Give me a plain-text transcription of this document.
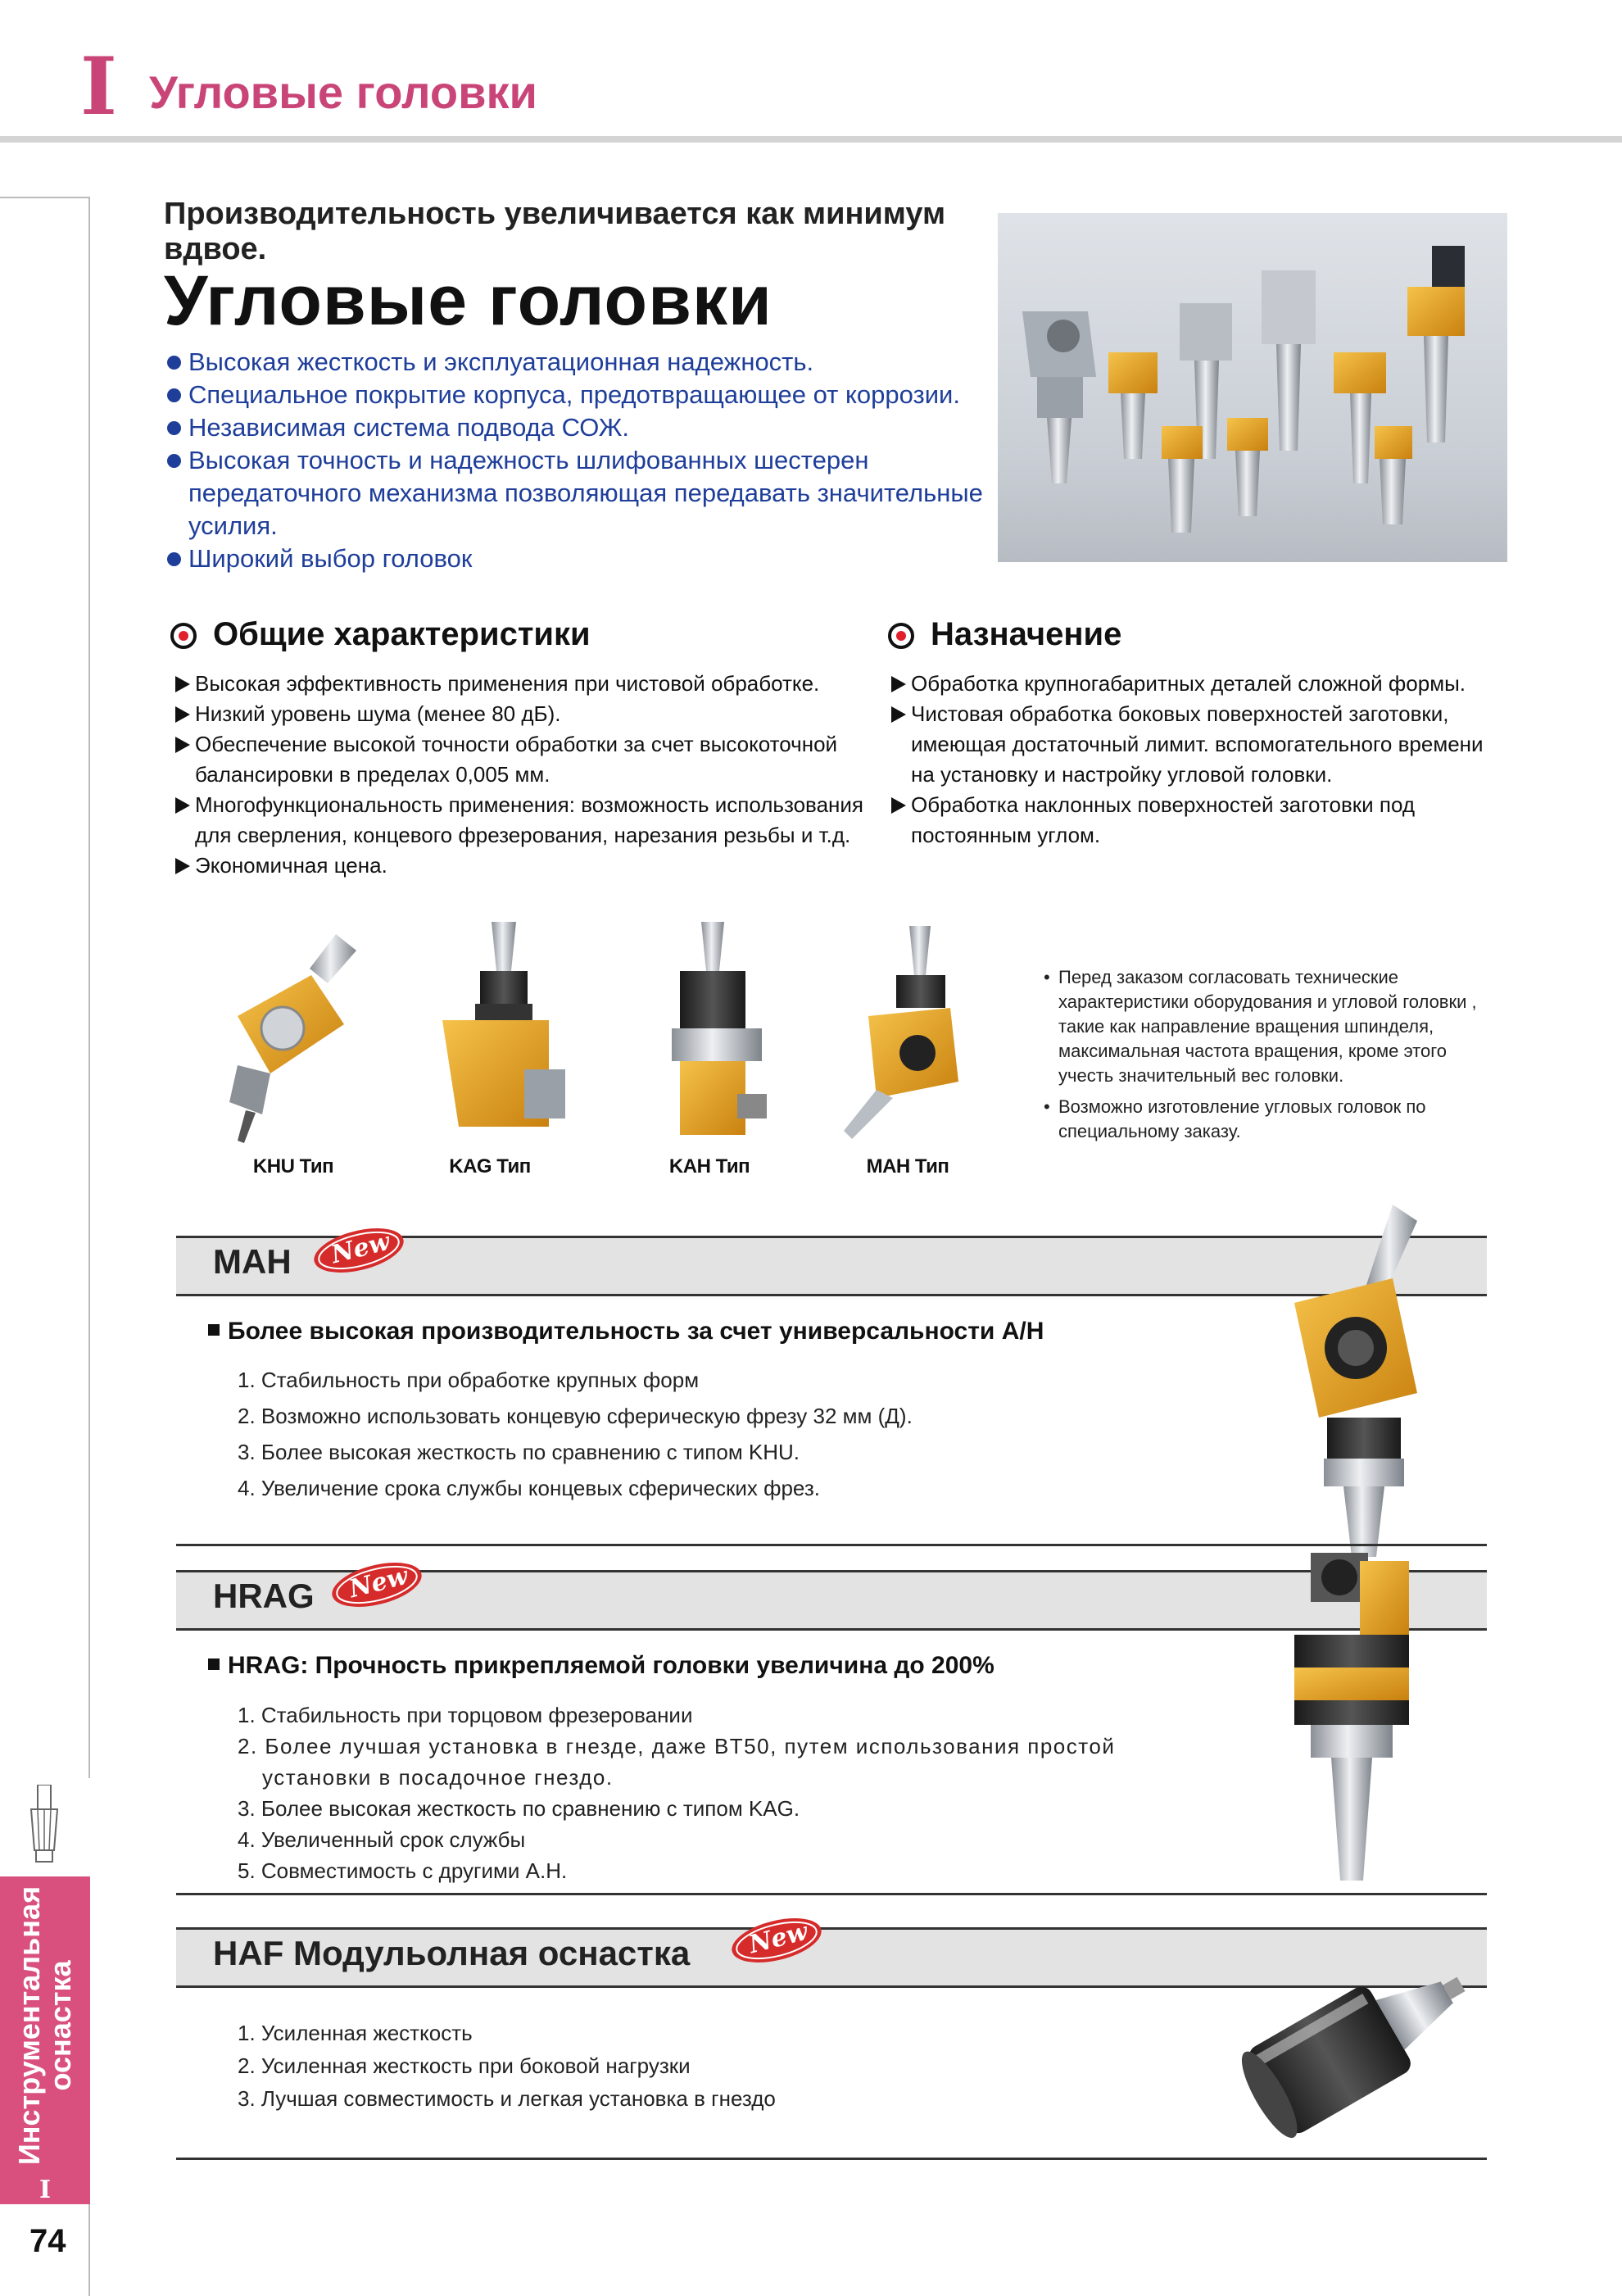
I Угловые головки
Инструментальная
оснастка
I
74
Производительность увеличивается как минимум вдвое.
Угловые головки
Высокая жесткость и эксплуатационная надежность.
Специальное покрытие корпуса, предотвращающее от коррозии.
Независимая система подвода СОЖ.
Высокая точность и надежность шлифованных шестерен передаточного механизма позволяющая передавать значительные усилия.
Широкий выбор головок
Общие характеристики
Высокая эффективность применения при чистовой обработке.
Низкий уровень шума (менее 80 дБ).
Обеспечение высокой точности обработки за счет высокоточной балансировки в пределах 0,005 мм.
Многофункциональность применения: возможность использования для сверления, концевого фрезерования, нарезания резьбы и т.д.
Экономичная цена.
Назначение
Обработка крупногабаритных деталей сложной формы.
Чистовая обработка боковых поверхностей заготовки, имеющая достаточный лимит. вспомогательного времени на установку и настройку угловой головки.
Обработка наклонных поверхностей заготовки под постоянным углом.
KHU Тип	KAG Тип	KAH Тип	MAH Тип
• Перед заказом согласовать технические характеристики оборудования и угловой головки , такие как направление вращения шпинделя, максимальная частота вращения, кроме этого учесть значительный вес головки.
• Возможно изготовление угловых головок по специальному заказу.
MAH New
Более высокая производительность за счет универсальности A/H
1. Стабильность при обработке крупных форм
2. Возможно использовать концевую сферическую фрезу 32 мм (Д).
3. Более высокая жесткость по сравнению с типом KHU.
4. Увеличение срока службы концевых сферических фрез.
HRAG New
HRAG: Прочность прикрепляемой головки увеличина до 200%
1. Стабильность при торцовом фрезеровании
2. Более лучшая установка в гнезде, даже BT50, путем использования простой установки в посадочное гнездо.
3. Более высокая жесткость по сравнению с типом KAG.
4. Увеличенный срок службы
5. Совместимость с другими А.Н.
HAF Модульолная оснастка New
1. Усиленная жесткость
2. Усиленная жесткость при боковой нагрузки
3. Лучшая совместимость и легкая установка в гнездо
